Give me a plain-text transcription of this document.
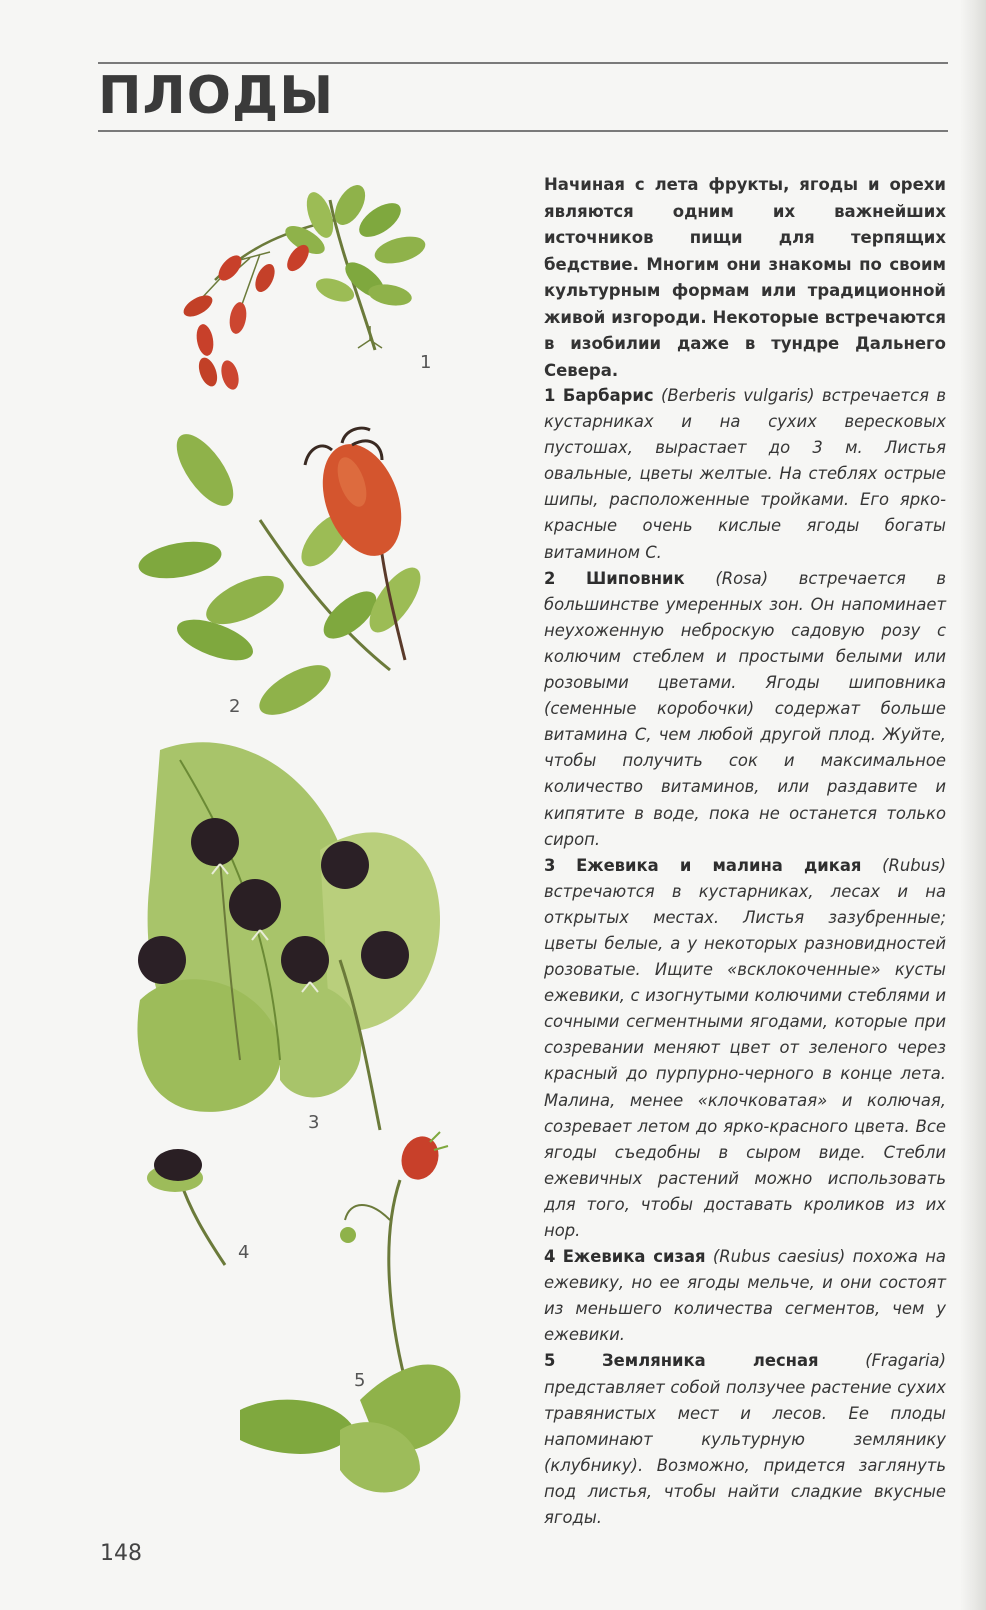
ПЛОДЫ
1
2
3
4
5

Начиная с лета фрукты, ягоды и орехи являются одним их важнейших источников пищи для терпящих бедствие. Многим они знакомы по своим культурным формам или традиционной живой изгороди. Некоторые встречаются в изобилии даже в тундре Дальнего Севера.

1 Барбарис (Berberis vulgaris) встречается в кустарниках и на сухих вересковых пустошах, вырастает до 3 м. Листья овальные, цветы желтые. На стеблях острые шипы, расположенные тройками. Его ярко-красные очень кислые ягоды богаты витамином С.

2 Шиповник (Rosa) встречается в большинстве умеренных зон. Он напоминает неухоженную неброскую садовую розу с колючим стеблем и простыми белыми или розовыми цветами. Ягоды шиповника (семенные коробочки) содержат больше витамина С, чем любой другой плод. Жуйте, чтобы получить сок и максимальное количество витаминов, или раздавите и кипятите в воде, пока не останется только сироп.

3 Ежевика и малина дикая (Rubus) встречаются в кустарниках, лесах и на открытых местах. Листья зазубренные; цветы белые, а у некоторых разновидностей розоватые. Ищите «всклокоченные» кусты ежевики, с изогнутыми колючими стеблями и сочными сегментными ягодами, которые при созревании меняют цвет от зеленого через красный до пурпурно-черного в конце лета. Малина, менее «клочковатая» и колючая, созревает летом до ярко-красного цвета. Все ягоды съедобны в сыром виде. Стебли ежевичных растений можно использовать для того, чтобы доставать кроликов из их нор.

4 Ежевика сизая (Rubus caesius) похожа на ежевику, но ее ягоды мельче, и они состоят из меньшего количества сегментов, чем у ежевики.

5	Земляника лесная	(Fragaria) представляет собой ползучее растение сухих травянистых мест и лесов. Ее плоды напоминают культурную землянику (клубнику). Возможно, придется заглянуть под листья, чтобы найти сладкие вкусные ягоды.

148
